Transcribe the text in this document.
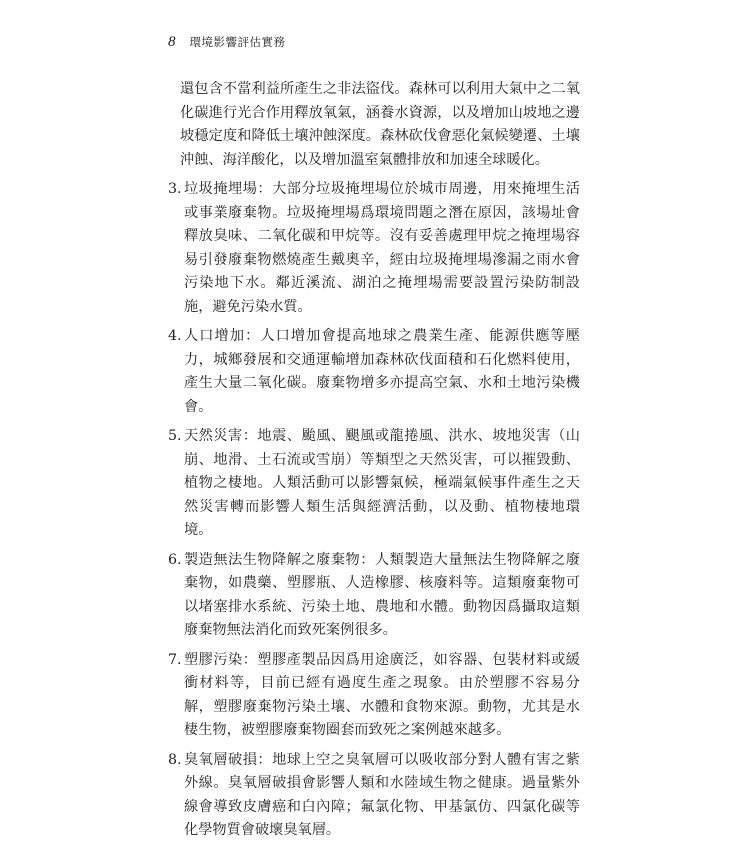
8 環境影響評估實務

還包含不當利益所產生之非法盜伐。森林可以利用大氣中之二氧化碳進行光合作用釋放氧氣，涵養水資源，以及增加山坡地之邊坡穩定度和降低土壤沖蝕深度。森林砍伐會惡化氣候變遷、土壤沖蝕、海洋酸化，以及增加溫室氣體排放和加速全球暖化。

3. 垃圾掩埋場：大部分垃圾掩埋場位於城市周邊，用來掩埋生活或事業廢棄物。垃圾掩埋場爲環境問題之潛在原因，該場址會釋放臭味、二氧化碳和甲烷等。沒有妥善處理甲烷之掩埋場容易引發廢棄物燃燒產生戴奧辛，經由垃圾掩埋場滲漏之雨水會污染地下水。鄰近溪流、湖泊之掩埋場需要設置污染防制設施，避免污染水質。
4. 人口增加：人口增加會提高地球之農業生產、能源供應等壓力，城鄉發展和交通運輸增加森林砍伐面積和石化燃料使用，產生大量二氧化碳。廢棄物增多亦提高空氣、水和土地污染機會。
5. 天然災害：地震、颱風、颶風或龍捲風、洪水、坡地災害（山崩、地滑、土石流或雪崩）等類型之天然災害，可以摧毀動、植物之棲地。人類活動可以影響氣候，極端氣候事件產生之天然災害轉而影響人類生活與經濟活動，以及動、植物棲地環境。
6. 製造無法生物降解之廢棄物：人類製造大量無法生物降解之廢棄物，如農藥、塑膠瓶、人造橡膠、核廢料等。這類廢棄物可以堵塞排水系統、污染土地、農地和水體。動物因爲攝取這類廢棄物無法消化而致死案例很多。
7. 塑膠污染：塑膠產製品因爲用途廣泛，如容器、包裝材料或緩衝材料等，目前已經有過度生產之現象。由於塑膠不容易分解，塑膠廢棄物污染土壤、水體和食物來源。動物，尤其是水棲生物，被塑膠廢棄物圈套而致死之案例越來越多。
8. 臭氧層破損：地球上空之臭氧層可以吸收部分對人體有害之紫外線。臭氧層破損會影響人類和水陸域生物之健康。過量紫外線會導致皮膚癌和白內障；氟氯化物、甲基氯仿、四氯化碳等化學物質會破壞臭氧層。
